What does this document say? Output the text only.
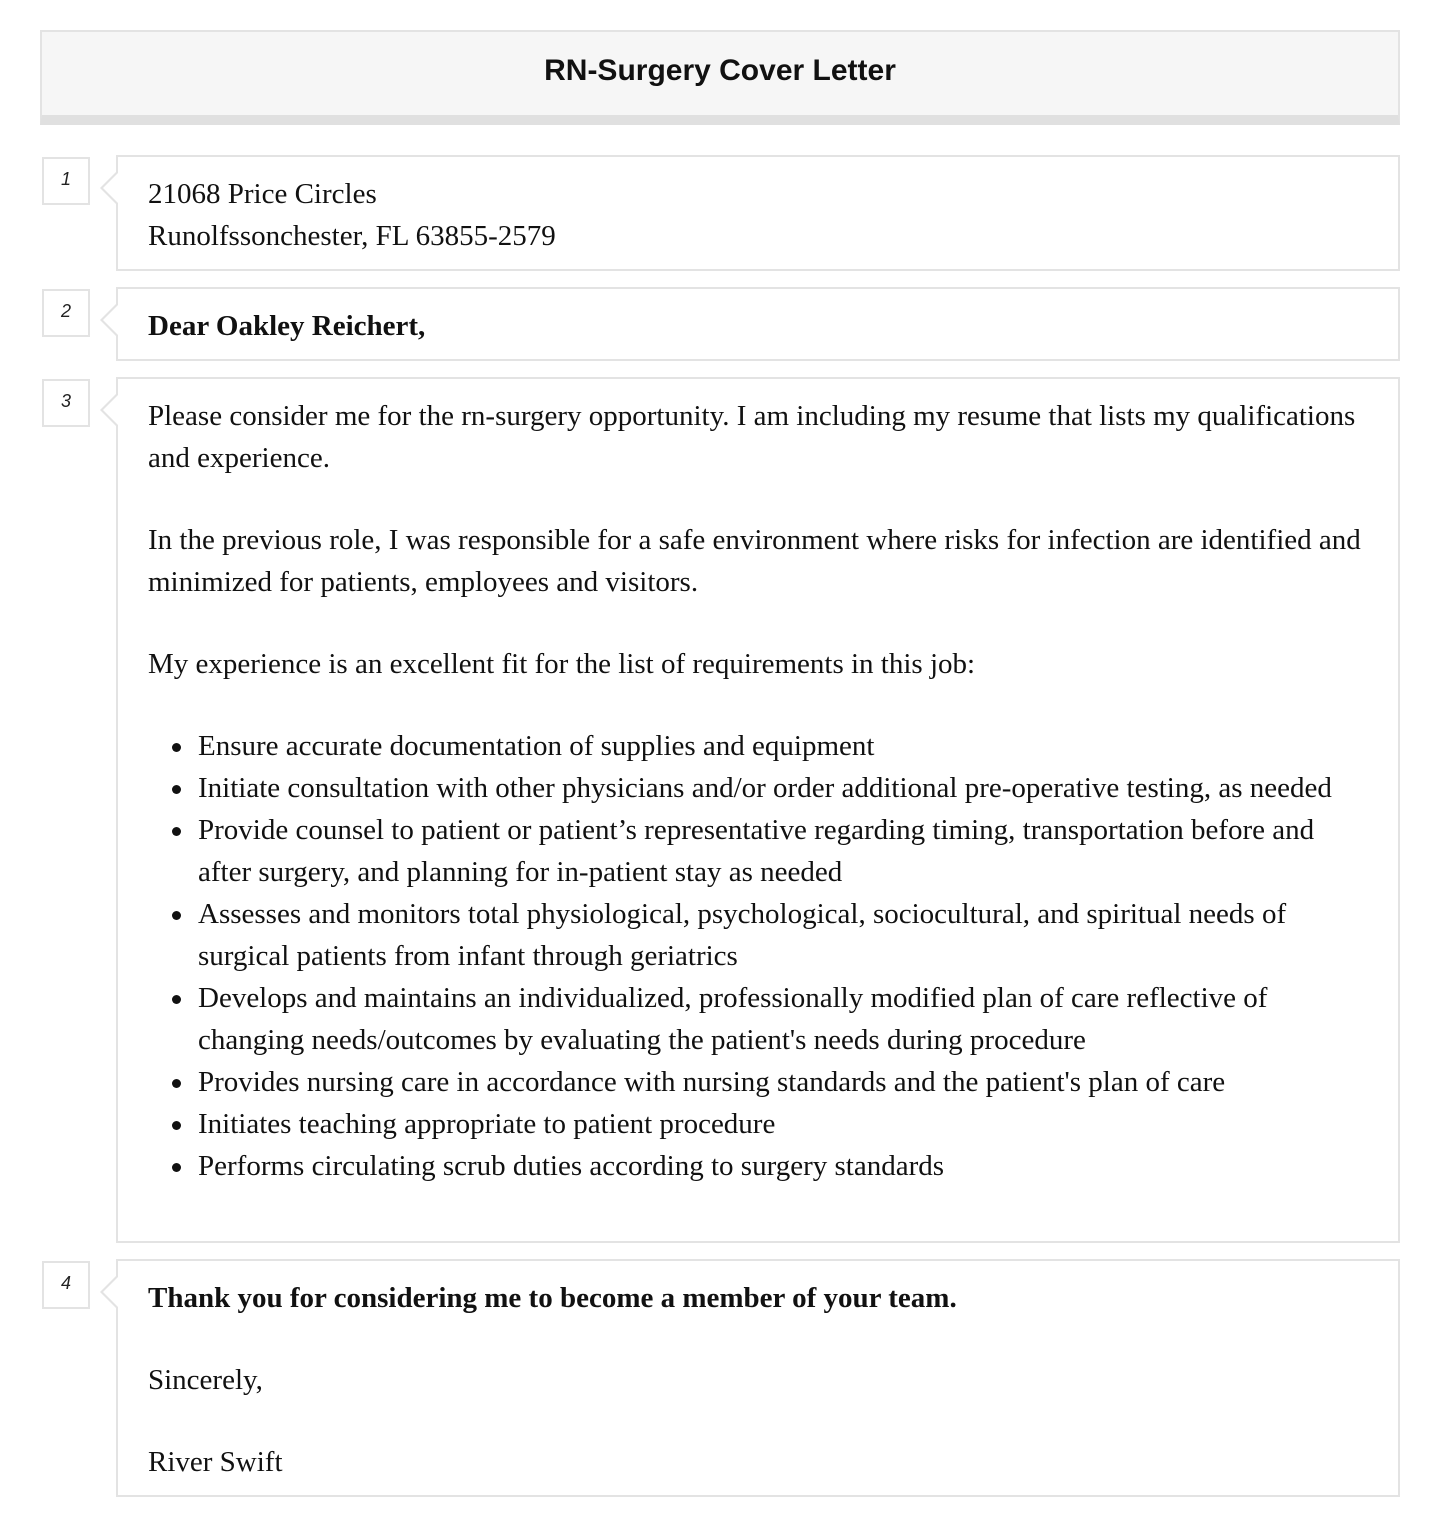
RN-Surgery Cover Letter
1	21068 Price Circles
Runolfssonchester, FL 63855-2579
2	Dear Oakley Reichert,
3	Please consider me for the rn-surgery opportunity. I am including my resume that lists my qualifications and experience.

In the previous role, I was responsible for a safe environment where risks for infection are identified and minimized for patients, employees and visitors.

My experience is an excellent fit for the list of requirements in this job:

Ensure accurate documentation of supplies and equipment
Initiate consultation with other physicians and/or order additional pre-operative testing, as needed
Provide counsel to patient or patient’s representative regarding timing, transportation before and after surgery, and planning for in-patient stay as needed
Assesses and monitors total physiological, psychological, sociocultural, and spiritual needs of surgical patients from infant through geriatrics
Develops and maintains an individualized, professionally modified plan of care reflective of changing needs/outcomes by evaluating the patient's needs during procedure
Provides nursing care in accordance with nursing standards and the patient's plan of care
Initiates teaching appropriate to patient procedure
Performs circulating scrub duties according to surgery standards
4	Thank you for considering me to become a member of your team.

Sincerely,

River Swift
